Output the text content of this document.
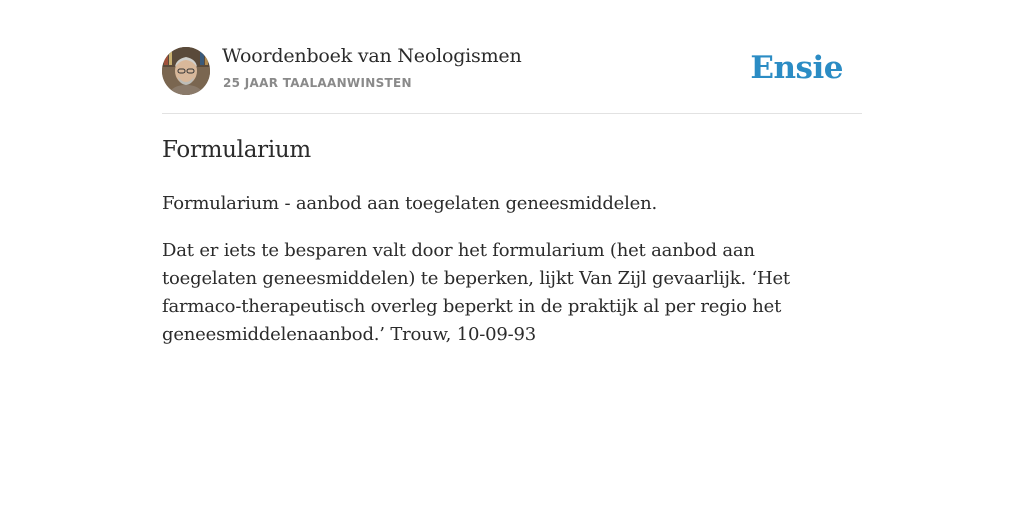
Woordenboek van Neologismen
25 JAAR TAALAANWINSTEN	Ensie
Formularium

Formularium - aanbod aan toegelaten geneesmiddelen.

Dat er iets te besparen valt door het formularium (het aanbod aan toegelaten geneesmiddelen) te beperken, lijkt Van Zijl gevaarlijk. ‘Het farmaco-therapeutisch overleg beperkt in de praktijk al per regio het geneesmiddelenaanbod.’ Trouw, 10-09-93
